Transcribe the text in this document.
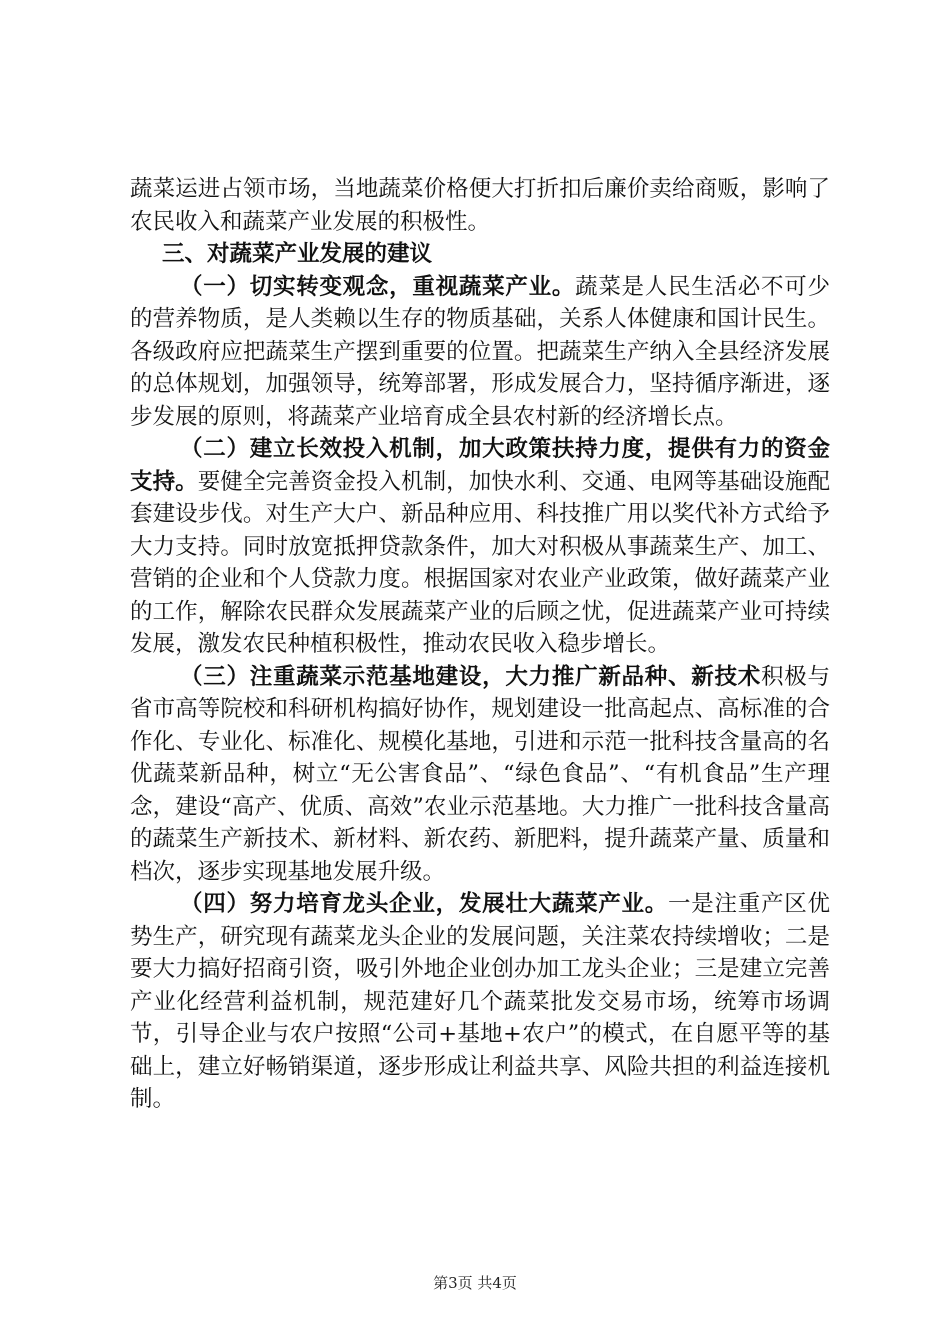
蔬菜运进占领市场，当地蔬菜价格便大打折扣后廉价卖给商贩，影响了农民收入和蔬菜产业发展的积极性。

三、对蔬菜产业发展的建议

（一）切实转变观念，重视蔬菜产业。蔬菜是人民生活必不可少的营养物质，是人类赖以生存的物质基础，关系人体健康和国计民生。各级政府应把蔬菜生产摆到重要的位置。把蔬菜生产纳入全县经济发展的总体规划，加强领导，统筹部署，形成发展合力，坚持循序渐进，逐步发展的原则，将蔬菜产业培育成全县农村新的经济增长点。

（二）建立长效投入机制，加大政策扶持力度，提供有力的资金支持。要健全完善资金投入机制，加快水利、交通、电网等基础设施配套建设步伐。对生产大户、新品种应用、科技推广用以奖代补方式给予大力支持。同时放宽抵押贷款条件，加大对积极从事蔬菜生产、加工、营销的企业和个人贷款力度。根据国家对农业产业政策，做好蔬菜产业的工作，解除农民群众发展蔬菜产业的后顾之忧，促进蔬菜产业可持续发展，激发农民种植积极性，推动农民收入稳步增长。

（三）注重蔬菜示范基地建设，大力推广新品种、新技术积极与省市高等院校和科研机构搞好协作，规划建设一批高起点、高标准的合作化、专业化、标准化、规模化基地，引进和示范一批科技含量高的名优蔬菜新品种，树立“无公害食品”、“绿色食品”、“有机食品”生产理念，建设“高产、优质、高效”农业示范基地。大力推广一批科技含量高的蔬菜生产新技术、新材料、新农药、新肥料，提升蔬菜产量、质量和档次，逐步实现基地发展升级。

（四）努力培育龙头企业，发展壮大蔬菜产业。一是注重产区优势生产，研究现有蔬菜龙头企业的发展问题，关注菜农持续增收；二是要大力搞好招商引资，吸引外地企业创办加工龙头企业；三是建立完善产业化经营利益机制，规范建好几个蔬菜批发交易市场，统筹市场调节，引导企业与农户按照“公司+基地+农户”的模式，在自愿平等的基础上，建立好畅销渠道，逐步形成让利益共享、风险共担的利益连接机制。

第3页 共4页
